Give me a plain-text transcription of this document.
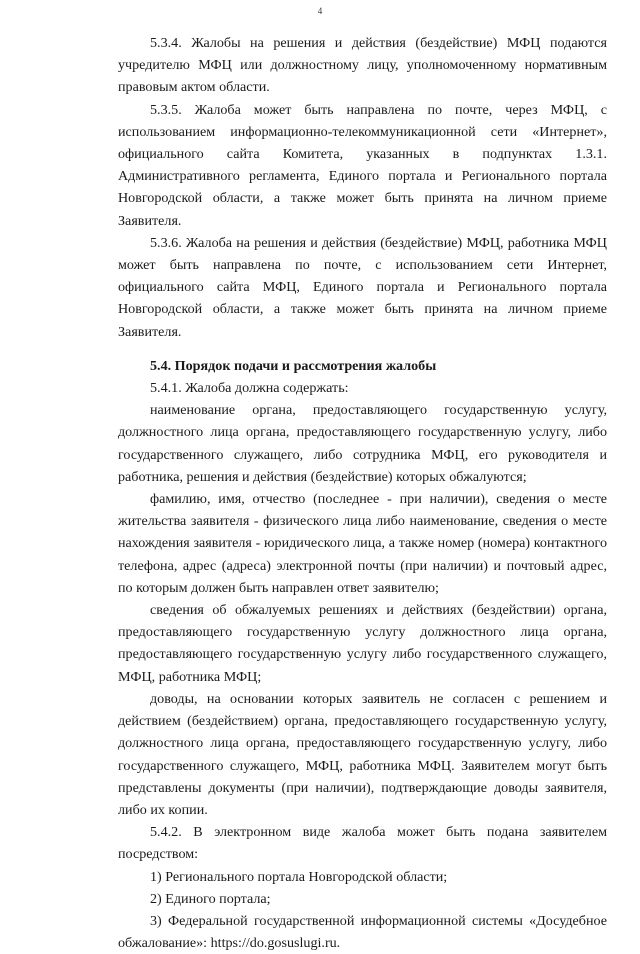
4

5.3.4. Жалобы на решения и действия (бездействие) МФЦ подаются учредителю МФЦ или должностному лицу, уполномоченному нормативным правовым актом области.

5.3.5. Жалоба может быть направлена по почте, через МФЦ, с использованием информационно-телекоммуникационной сети «Интернет», официального сайта Комитета, указанных в подпунктах 1.3.1. Административного регламента, Единого портала и Регионального портала Новгородской области, а также может быть принята на личном приеме Заявителя.

5.3.6. Жалоба на решения и действия (бездействие) МФЦ, работника МФЦ может быть направлена по почте, с использованием сети Интернет, официального сайта МФЦ, Единого портала и Регионального портала Новгородской области, а также может быть принята на личном приеме Заявителя.

5.4. Порядок подачи и рассмотрения жалобы

5.4.1. Жалоба должна содержать:

наименование органа, предоставляющего государственную услугу, должностного лица органа, предоставляющего государственную услугу, либо государственного служащего, либо сотрудника МФЦ, его руководителя и работника, решения и действия (бездействие) которых обжалуются;

фамилию, имя, отчество (последнее - при наличии), сведения о месте жительства заявителя - физического лица либо наименование, сведения о месте нахождения заявителя - юридического лица, а также номер (номера) контактного телефона, адрес (адреса) электронной почты (при наличии) и почтовый адрес, по которым должен быть направлен ответ заявителю;

сведения об обжалуемых решениях и действиях (бездействии) органа, предоставляющего государственную услугу должностного лица органа, предоставляющего государственную услугу либо государственного служащего, МФЦ, работника МФЦ;

доводы, на основании которых заявитель не согласен с решением и действием (бездействием) органа, предоставляющего государственную услугу, должностного лица органа, предоставляющего государственную услугу, либо государственного служащего, МФЦ, работника МФЦ. Заявителем могут быть представлены документы (при наличии), подтверждающие доводы заявителя, либо их копии.

5.4.2. В электронном виде жалоба может быть подана заявителем посредством:

1) Регионального портала Новгородской области;

2) Единого портала;

3) Федеральной государственной информационной системы «Досудебное обжалование»: https://do.gosuslugi.ru.
